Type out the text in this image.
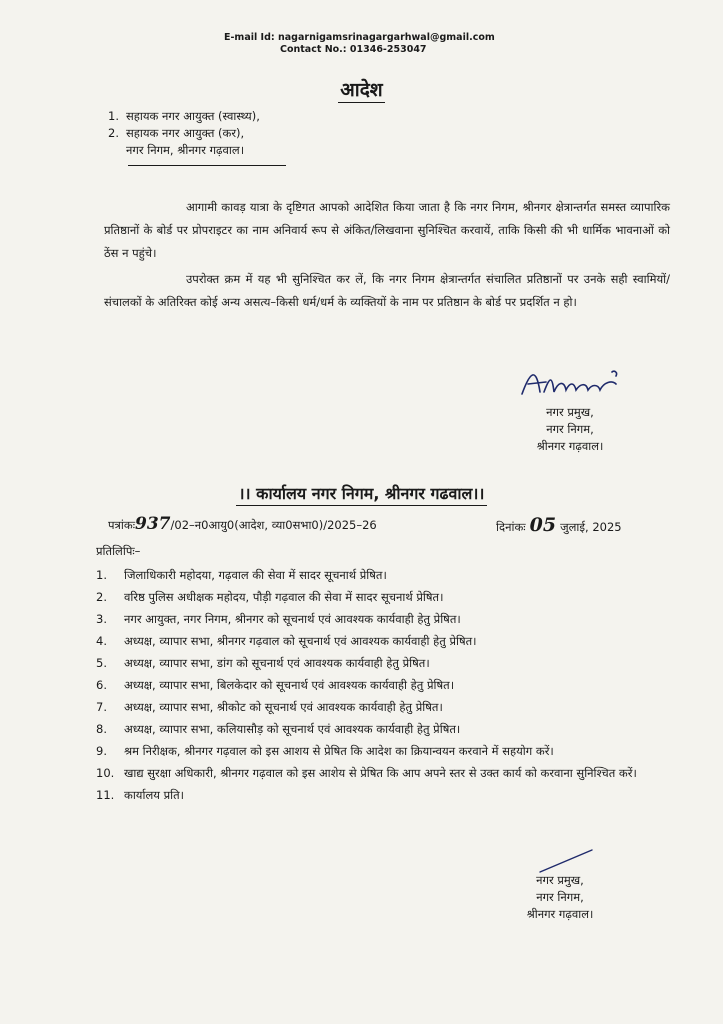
E-mail Id: nagarnigamsrinagargarhwal@gmail.com
Contact No.: 01346-253047
आदेश
1. सहायक नगर आयुक्त (स्वास्थ्य),
2. सहायक नगर आयुक्त (कर),
नगर निगम, श्रीनगर गढ़वाल।

आगामी कावड़ यात्रा के दृष्टिगत आपको आदेशित किया जाता है कि नगर निगम, श्रीनगर क्षेत्रान्तर्गत समस्त व्यापारिक प्रतिष्ठानों के बोर्ड पर प्रोपराइटर का नाम अनिवार्य रूप से अंकित/लिखवाना सुनिश्चित करवायें, ताकि किसी की भी धार्मिक भावनाओं को ठेंस न पहुंचे।

उपरोक्त क्रम में यह भी सुनिश्चित कर लें, कि नगर निगम क्षेत्रान्तर्गत संचालित प्रतिष्ठानों पर उनके सही स्वामियों/संचालकों के अतिरिक्त कोई अन्य असत्य–किसी धर्म/धर्म के व्यक्तियों के नाम पर प्रतिष्ठान के बोर्ड पर प्रदर्शित न हो।

नगर प्रमुख,
नगर निगम,
श्रीनगर गढ़वाल।
।। कार्यालय नगर निगम, श्रीनगर गढवाल।।
पत्रांकः937/02–न0आयु0(आदेश, व्या0सभा0)/2025–26	दिनांकः 05 जुलाई, 2025
प्रतिलिपिः–
1.	जिलाधिकारी महोदया, गढ़वाल की सेवा में सादर सूचनार्थ प्रेषित।
2.	वरिष्ठ पुलिस अधीक्षक महोदय, पौड़ी गढ़वाल की सेवा में सादर सूचनार्थ प्रेषित।
3.	नगर आयुक्त, नगर निगम, श्रीनगर को सूचनार्थ एवं आवश्यक कार्यवाही हेतु प्रेषित।
4.	अध्यक्ष, व्यापार सभा, श्रीनगर गढ़वाल को सूचनार्थ एवं आवश्यक कार्यवाही हेतु प्रेषित।
5.	अध्यक्ष, व्यापार सभा, डांग को सूचनार्थ एवं आवश्यक कार्यवाही हेतु प्रेषित।
6.	अध्यक्ष, व्यापार सभा, बिलकेदार को सूचनार्थ एवं आवश्यक कार्यवाही हेतु प्रेषित।
7.	अध्यक्ष, व्यापार सभा, श्रीकोट को सूचनार्थ एवं आवश्यक कार्यवाही हेतु प्रेषित।
8.	अध्यक्ष, व्यापार सभा, कलियासौड़ को सूचनार्थ एवं आवश्यक कार्यवाही हेतु प्रेषित।
9.	श्रम निरीक्षक, श्रीनगर गढ़वाल को इस आशय से प्रेषित कि आदेश का क्रियान्वयन करवाने में सहयोग करें।
10. खाद्य सुरक्षा अधिकारी, श्रीनगर गढ़वाल को इस आशेय से प्रेषित कि आप अपने स्तर से उक्त कार्य को करवाना सुनिश्चित करें।
11. कार्यालय प्रति।
नगर प्रमुख,
नगर निगम,
श्रीनगर गढ़वाल।
